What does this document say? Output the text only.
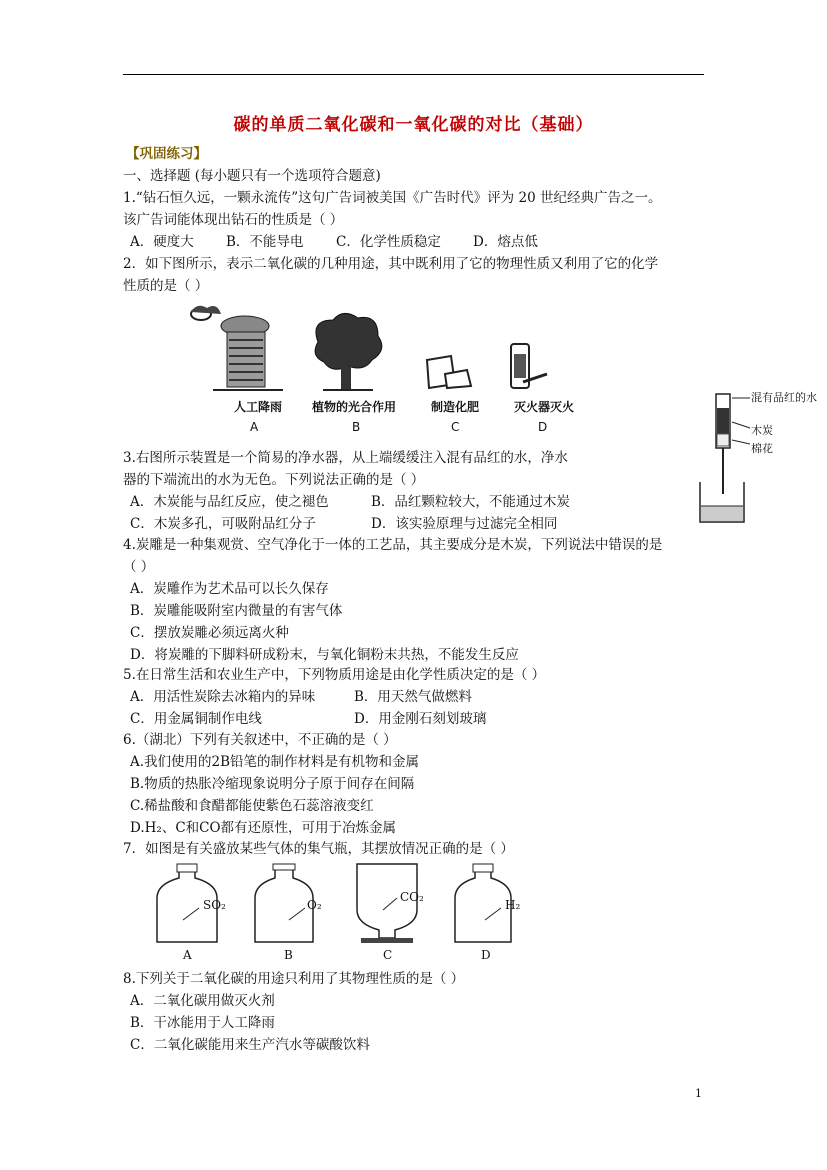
碳的单质二氧化碳和一氧化碳的对比（基础）
【巩固练习】
一、选择题 (每小题只有一个选项符合题意)
1.“钻石恒久远，一颗永流传”这句广告词被美国《广告时代》评为 20 世纪经典广告之一。
该广告词能体现出钻石的性质是（ ）
A．硬度大 B．不能导电 C．化学性质稳定 D．熔点低
2．如下图所示，表示二氧化碳的几种用途，其中既利用了它的物理性质又利用了它的化学
性质的是（ ）
人工降雨	植物的光合作用	制造化肥	灭火器灭火
A	B	C	D
混有品红的水
木炭
棉花
3.右图所示装置是一个简易的净水器，从上端缓缓注入混有品红的水，净水
器的下端流出的水为无色。下列说法正确的是（ ）
A．木炭能与品红反应，使之褪色	B．品红颗粒较大，不能通过木炭
C．木炭多孔，可吸附品红分子	D．该实验原理与过滤完全相同
4.炭雕是一种集观赏、空气净化于一体的工艺品，其主要成分是木炭，下列说法中错误的是
（ ）
A．炭雕作为艺术品可以长久保存
B．炭雕能吸附室内微量的有害气体
C．摆放炭雕必须远离火种
D．将炭雕的下脚料研成粉末，与氧化铜粉末共热，不能发生反应
5.在日常生活和农业生产中，下列物质用途是由化学性质决定的是（ ）
A．用活性炭除去冰箱内的异味	B．用天然气做燃料
C．用金属铜制作电线	D．用金刚石刻划玻璃
6.（湖北）下列有关叙述中，不正确的是（ ）
A.我们使用的2B铅笔的制作材料是有机物和金属
B.物质的热胀冷缩现象说明分子原于间存在间隔
C.稀盐酸和食醋都能使紫色石蕊溶液变红
D.H₂、C和CO都有还原性，可用于冶炼金属
7．如图是有关盛放某些气体的集气瓶，其摆放情况正确的是（ ）
SO₂	O₂
CO₂
H₂
A	B	C	D
8.下列关于二氧化碳的用途只利用了其物理性质的是（ ）
A．二氧化碳用做灭火剂
B．干冰能用于人工降雨
C．二氧化碳能用来生产汽水等碳酸饮料
1
